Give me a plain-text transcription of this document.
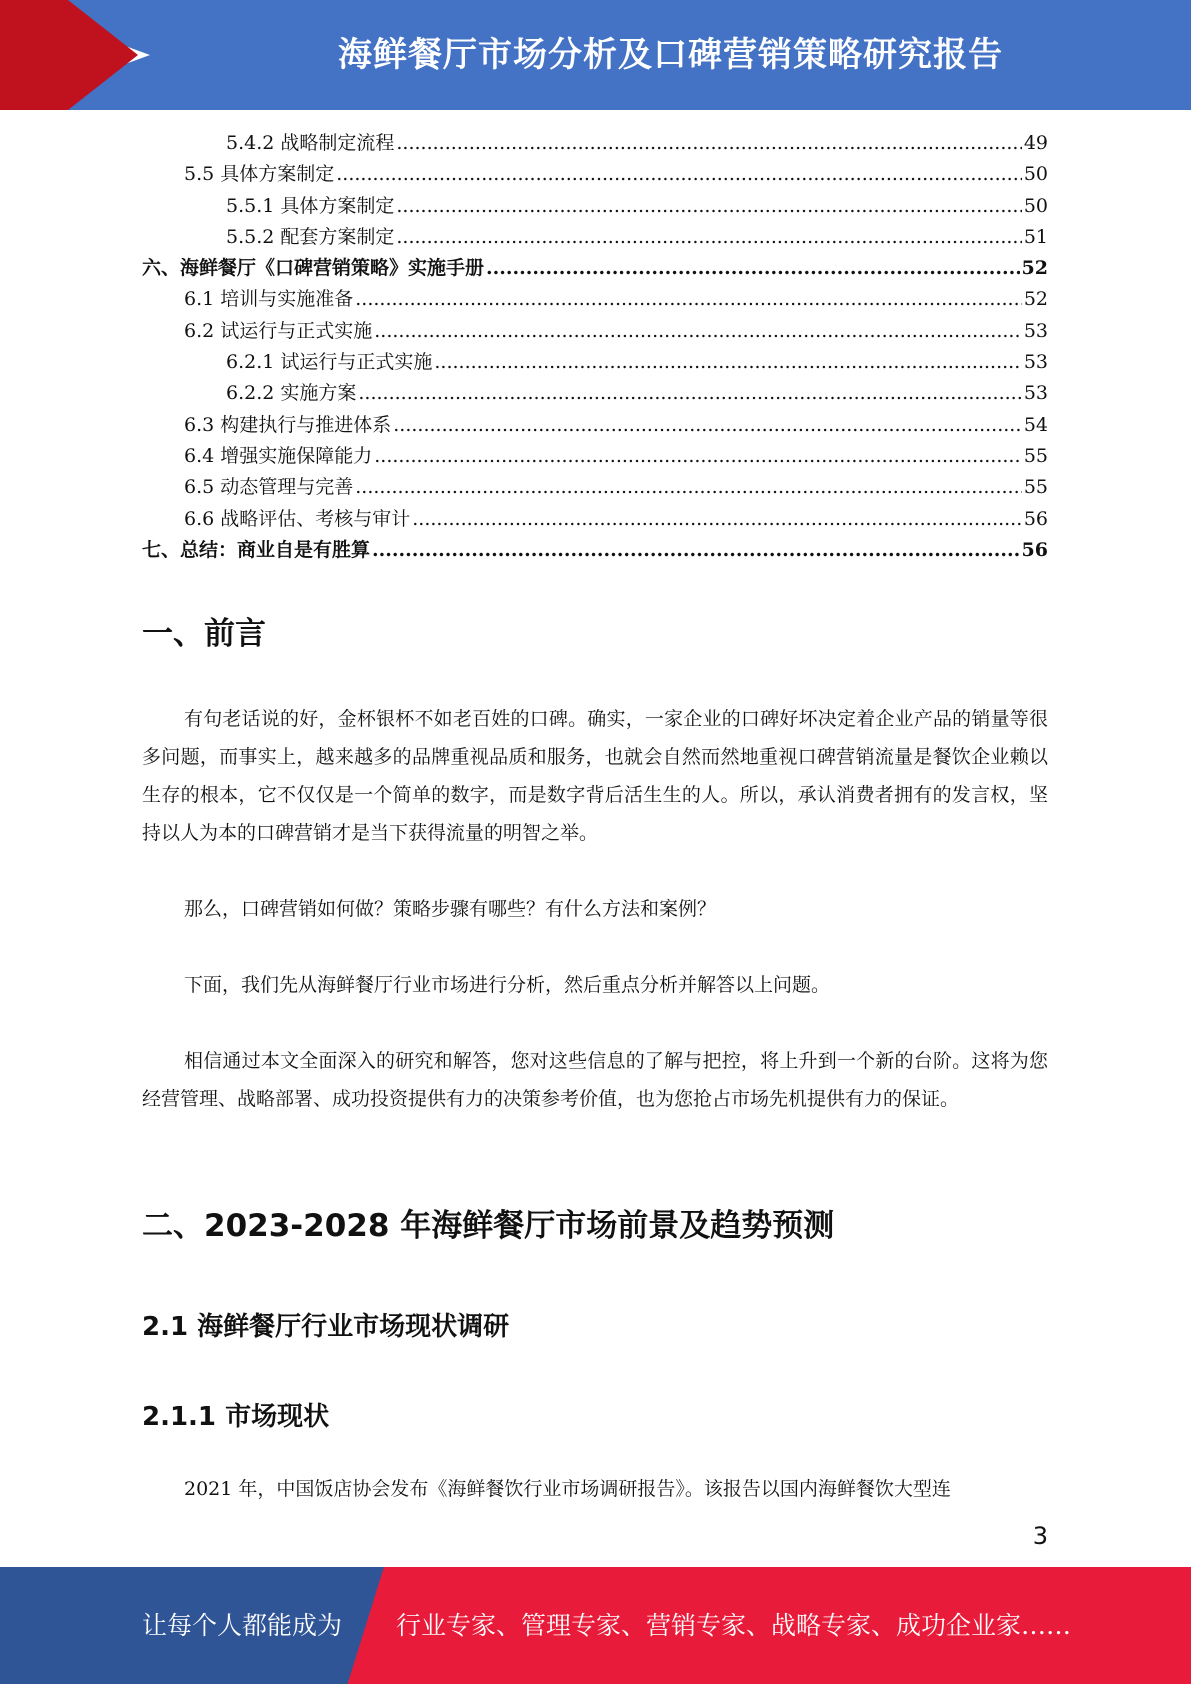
海鲜餐厅市场分析及口碑营销策略研究报告
5.4.2 战略制定流程 .....	49
5.5 具体方案制定 .....	50
5.5.1 具体方案制定 .....	50
5.5.2 配套方案制定 .....	51
六、海鲜餐厅《口碑营销策略》实施手册 .....	52
6.1 培训与实施准备 .....	52
6.2 试运行与正式实施 .....	53
6.2.1 试运行与正式实施 .....	53
6.2.2 实施方案 .....	53
6.3 构建执行与推进体系 .....	54
6.4 增强实施保障能力 .....	55
6.5 动态管理与完善 .....	55
6.6 战略评估、考核与审计 .....	56
七、总结：商业自是有胜算 .....	56
一、前言

有句老话说的好，金杯银杯不如老百姓的口碑。确实，一家企业的口碑好坏决定着企业产品的销量等很多问题，而事实上，越来越多的品牌重视品质和服务，也就会自然而然地重视口碑营销流量是餐饮企业赖以生存的根本，它不仅仅是一个简单的数字，而是数字背后活生生的人。所以，承认消费者拥有的发言权，坚持以人为本的口碑营销才是当下获得流量的明智之举。

那么，口碑营销如何做？策略步骤有哪些？有什么方法和案例？

下面，我们先从海鲜餐厅行业市场进行分析，然后重点分析并解答以上问题。

相信通过本文全面深入的研究和解答，您对这些信息的了解与把控，将上升到一个新的台阶。这将为您经营管理、战略部署、成功投资提供有力的决策参考价值，也为您抢占市场先机提供有力的保证。

二、2023-2028 年海鲜餐厅市场前景及趋势预测
2.1 海鲜餐厅行业市场现状调研
2.1.1 市场现状

2021 年，中国饭店协会发布《海鲜餐饮行业市场调研报告》。该报告以国内海鲜餐饮大型连

3
让每个人都能成为 行业专家、管理专家、营销专家、战略专家、成功企业家……
